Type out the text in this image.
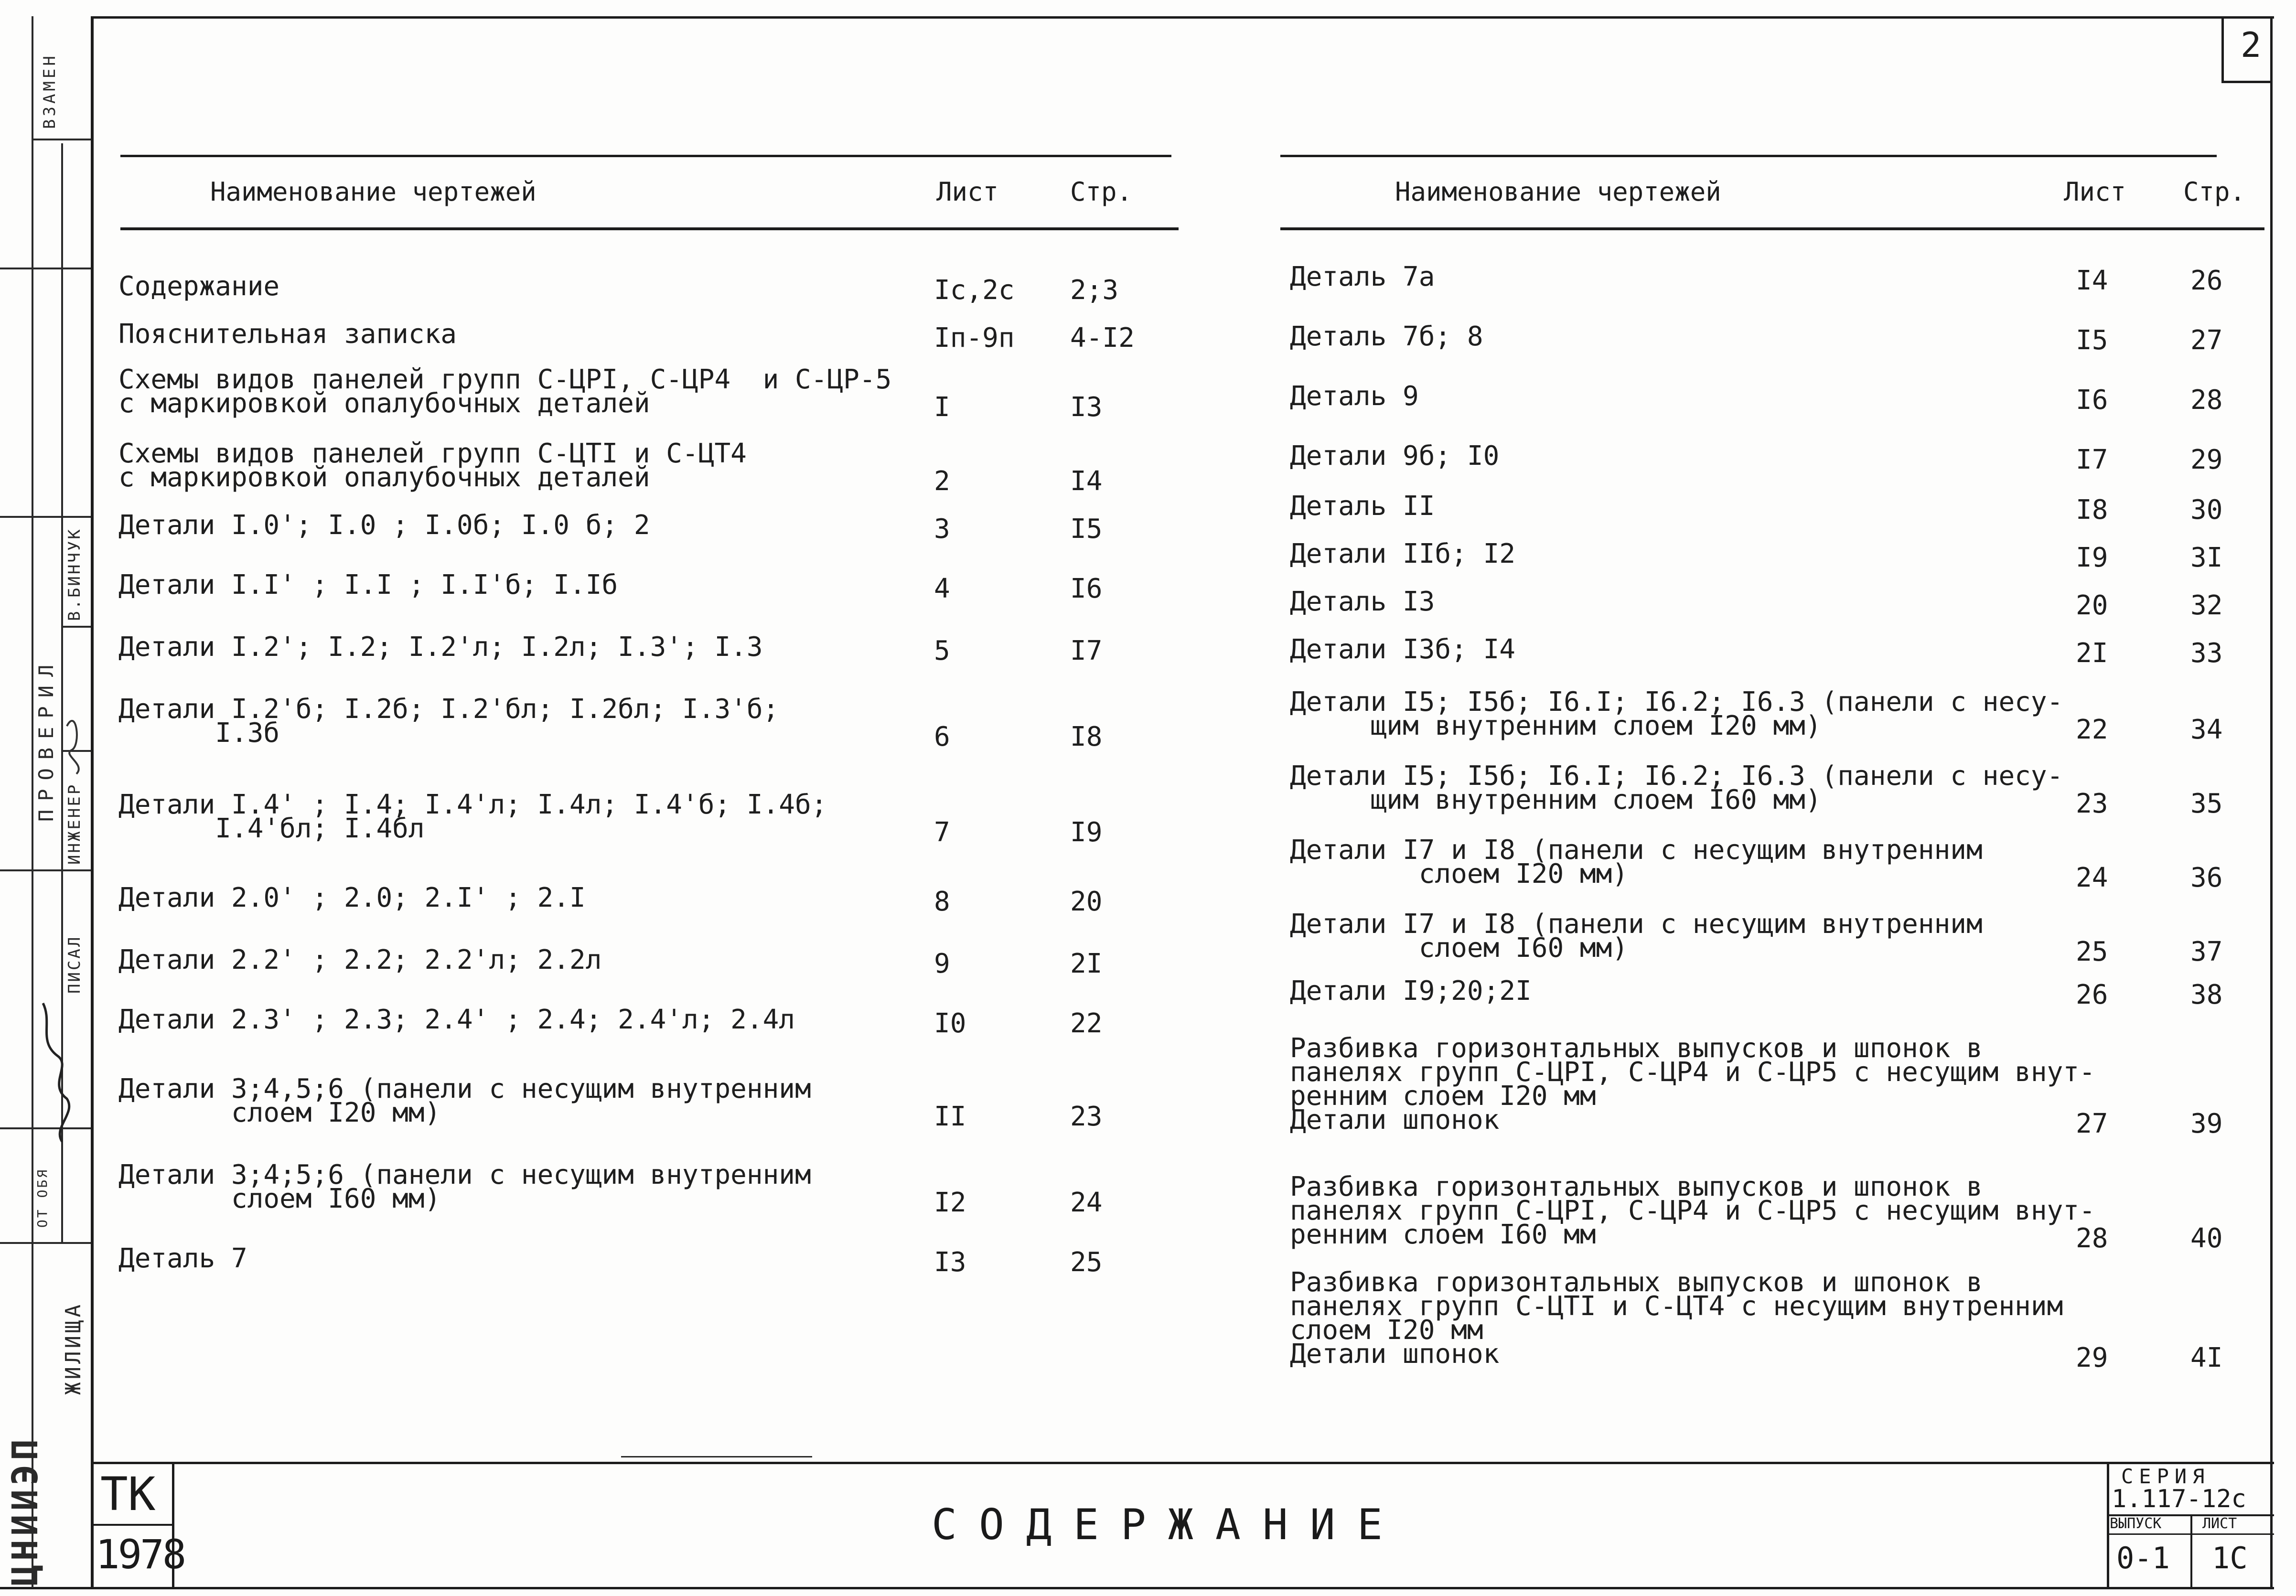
2
ВЗАМЕН
ПРОВЕРИЛ
ИНЖЕНЕР
В.БИНЧУК
ПИСАЛ
ОТ ОБЯ
ЖИЛИЩА
ЦНИИЭП
Наименование чертежей	Лист	Стр.
Содержание	Iс,2с 2;3
Пояснительная записка	Iп-9п 4-I2
Схемы видов панелей групп С-ЦРI, С-ЦР4  и С-ЦР-5
с маркировкой опалубочных деталей	I	I3
Схемы видов панелей групп С-ЦТI и С-ЦТ4
с маркировкой опалубочных деталей	2	I4
Детали I.0'; I.0 ; I.0б; I.0 б; 2	3	I5
Детали I.I' ; I.I ; I.I'б; I.Iб	4	I6
Детали I.2'; I.2; I.2'л; I.2л; I.3'; I.3	5	I7
Детали I.2'б; I.2б; I.2'бл; I.2бл; I.3'б;
I.3б	6	I8
Детали I.4' ; I.4; I.4'л; I.4л; I.4'б; I.4б;
I.4'бл; I.4бл	7	I9
Детали 2.0' ; 2.0; 2.I' ; 2.I	8	20
Детали 2.2' ; 2.2; 2.2'л; 2.2л	9	2I
Детали 2.3' ; 2.3; 2.4' ; 2.4; 2.4'л; 2.4л	I0	22
Детали 3;4,5;6 (панели с несущим внутренним
слоем I20 мм)	II	23
Детали 3;4;5;6 (панели с несущим внутренним
слоем I60 мм)	I2	24
Деталь 7	I3	25
Наименование чертежей	Лист Стр.
Деталь 7а	I4	26
Деталь 7б; 8	I5	27
Деталь 9	I6	28
Детали 9б; I0	I7	29
Деталь II	I8	30
Детали IIб; I2	I9	3I
Деталь I3	20	32
Детали I3б; I4	2I	33
Детали I5; I5б; I6.I; I6.2; I6.3 (панели с несу-
щим внутренним слоем I20 мм)	22	34
Детали I5; I5б; I6.I; I6.2; I6.3 (панели с несу-
щим внутренним слоем I60 мм)	23	35
Детали I7 и I8 (панели с несущим внутренним
слоем I20 мм)	24	36
Детали I7 и I8 (панели с несущим внутренним
слоем I60 мм)	25	37
Детали I9;20;2I	26	38
Разбивка горизонтальных выпусков и шпонок в
панелях групп С-ЦРI, С-ЦР4 и С-ЦР5 с несущим внут-
ренним слоем I20 мм
Детали шпонок	27	39
Разбивка горизонтальных выпусков и шпонок в
панелях групп С-ЦРI, С-ЦР4 и С-ЦР5 с несущим внут-
ренним слоем I60 мм	28	40
Разбивка горизонтальных выпусков и шпонок в
панелях групп С-ЦТI и С-ЦТ4 с несущим внутренним
слоем I20 мм
Детали шпонок	29	4I
ТК
1978
СОДЕРЖАНИЕ
СЕРИЯ
1.117-12с
ВЫПУСК	ЛИСТ
0-1 1С
